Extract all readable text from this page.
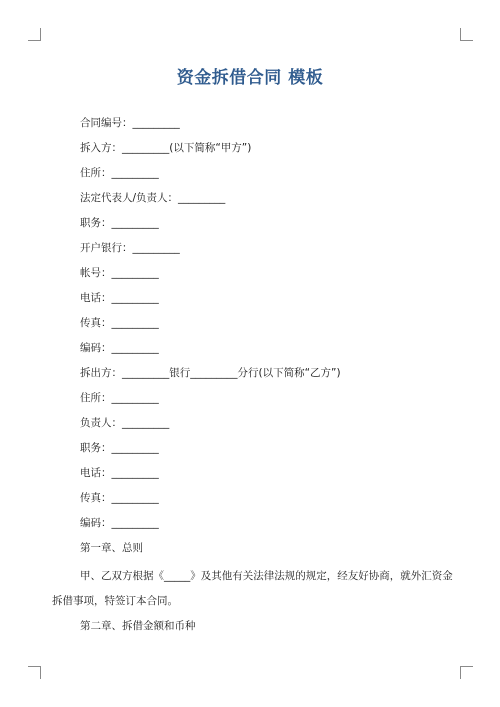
资金拆借合同 模板
合同编号：_________
拆入方：_________(以下简称“甲方”)
住所：_________
法定代表人/负责人：_________
职务：_________
开户银行：_________
帐号：_________
电话：_________
传真：_________
编码：_________
拆出方：_________银行_________分行(以下简称“乙方”)
住所：_________
负责人：_________
职务：_________
电话：_________
传真：_________
编码：_________
第一章、总则
甲、乙双方根据《_____》及其他有关法律法规的规定，经友好协商，就外汇资金
拆借事项，特签订本合同。
第二章、拆借金额和币种
